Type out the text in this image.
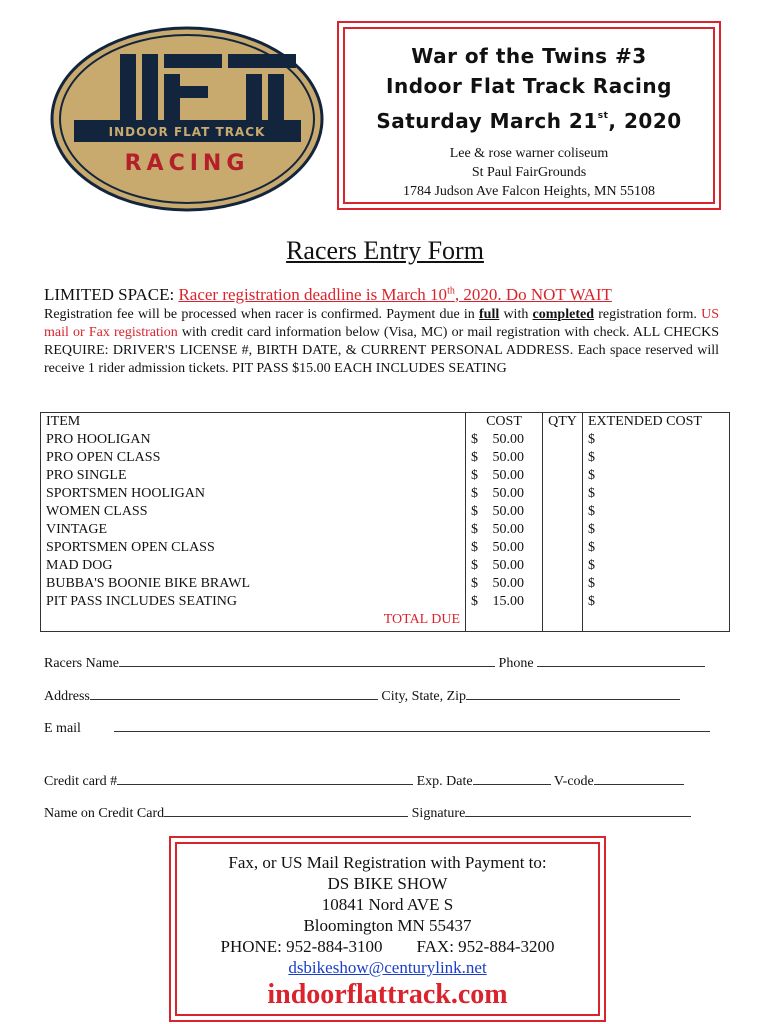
INDOOR FLAT TRACK
RACING
War of the Twins #3
Indoor Flat Track Racing
Saturday March 21st, 2020
Lee & rose warner coliseum
St Paul FairGrounds
1784 Judson Ave Falcon Heights, MN 55108
Racers Entry Form
LIMITED SPACE: Racer registration deadline is March 10th, 2020. Do NOT WAIT
Registration fee will be processed when racer is confirmed. Payment due in full with completed registration form. US mail or Fax registration with credit card information below (Visa, MC) or mail registration with check. ALL CHECKS REQUIRE: DRIVER'S LICENSE #, BIRTH DATE, & CURRENT PERSONAL ADDRESS. Each space reserved will receive 1 rider admission tickets. PIT PASS $15.00 EACH INCLUDES SEATING
ITEM	COST	QTY	EXTENDED COST
PRO HOOLIGAN	$ 50.00		$
PRO OPEN CLASS	$ 50.00		$
PRO SINGLE	$ 50.00		$
SPORTSMEN HOOLIGAN	$ 50.00		$
WOMEN CLASS	$ 50.00		$
VINTAGE	$ 50.00		$
SPORTSMEN OPEN CLASS	$ 50.00		$
MAD DOG	$ 50.00		$
BUBBA'S BOONIE BIKE BRAWL	$ 50.00		$
PIT PASS INCLUDES SEATING	$ 15.00		$
TOTAL DUE			
Racers Name	Phone
Address	City, State, Zip
E mail
Credit card #	Exp. Date	V-code
Name on Credit Card	Signature
Fax, or US Mail Registration with Payment to:
DS BIKE SHOW
10841 Nord AVE S
Bloomington MN 55437
PHONE: 952-884-3100 FAX: 952-884-3200
dsbikeshow@centurylink.net
indoorflattrack.com
